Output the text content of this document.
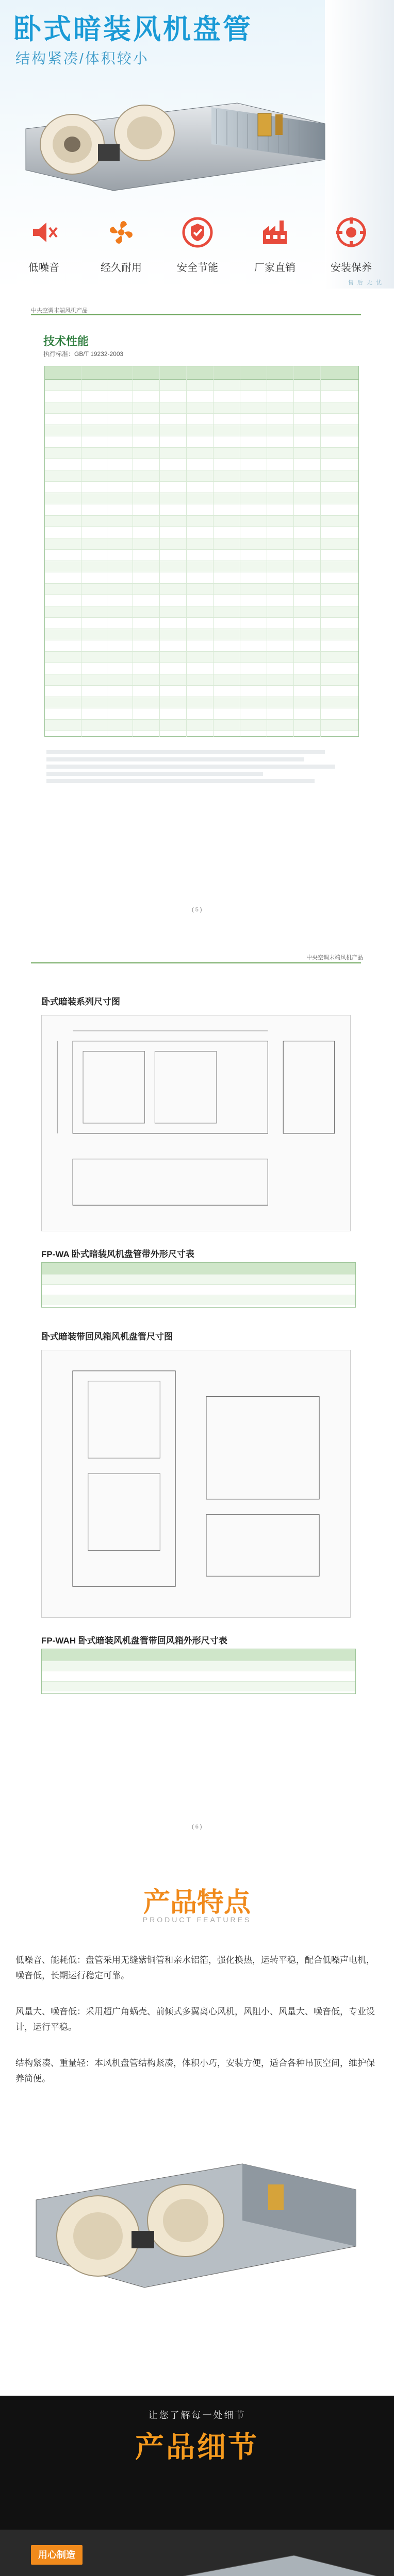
卧式暗装风机盘管
结构紧凑/体积较小
低噪音	经久耐用	安全节能	厂家直销	安装保养
售 后 无 忧
中央空调末端风机产品
技术性能
执行标准：GB/T 19232-2003
( 5 )
中央空调末端风机产品
卧式暗装系列尺寸图
FP-WA 卧式暗装风机盘管带外形尺寸表
卧式暗装带回风箱风机盘管尺寸图
FP-WAH 卧式暗装风机盘管带回风箱外形尺寸表
( 6 )
产品特点
PRODUCT FEATURES
低噪音、能耗低：盘管采用无缝紫铜管和亲水铝箔，强化换热，运转平稳，配合低噪声电机，噪音低，长期运行稳定可靠。
风量大、噪音低：采用超广角蜗壳、前倾式多翼离心风机，风阻小、风量大、噪音低，专业设计，运行平稳。
结构紧凑、重量轻：本风机盘管结构紧凑，体积小巧，安装方便，适合各种吊顶空间，维护保养简便。
让您了解每一处细节
产品细节
用心制造
